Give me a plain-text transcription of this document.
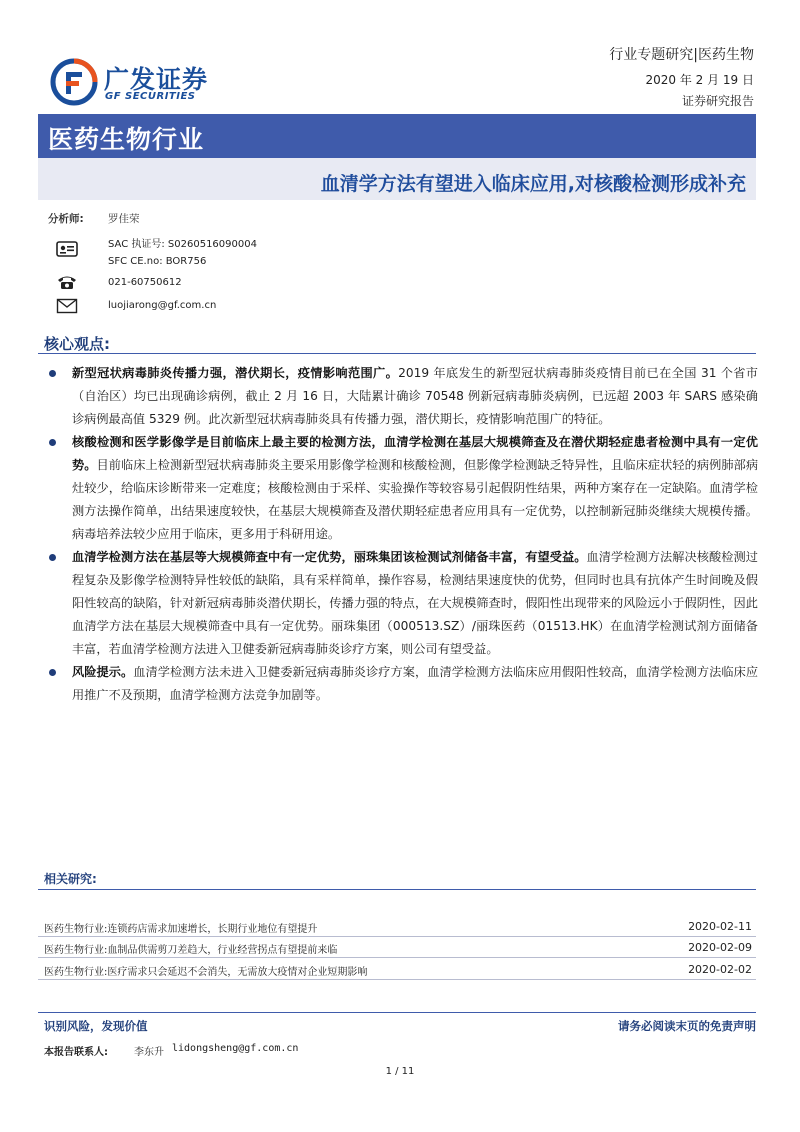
广发证券
GF SECURITIES
行业专题研究|医药生物
2020 年 2 月 19 日
证券研究报告
医药生物行业
血清学方法有望进入临床应用,对核酸检测形成补充
分析师: 罗佳荣
SAC 执证号: S0260516090004
SFC CE.no: BOR756
021-60750612
luojiarong@gf.com.cn
核心观点:
新型冠状病毒肺炎传播力强，潜伏期长，疫情影响范围广。2019 年底发生的新型冠状病毒肺炎疫情目前已在全国 31 个省市（自治区）均已出现确诊病例，截止 2 月 16 日，大陆累计确诊 70548 例新冠病毒肺炎病例，已远超 2003 年 SARS 感染确诊病例最高值 5329 例。此次新型冠状病毒肺炎具有传播力强，潜伏期长，疫情影响范围广的特征。
核酸检测和医学影像学是目前临床上最主要的检测方法，血清学检测在基层大规模筛查及在潜伏期轻症患者检测中具有一定优势。目前临床上检测新型冠状病毒肺炎主要采用影像学检测和核酸检测，但影像学检测缺乏特异性，且临床症状轻的病例肺部病灶较少，给临床诊断带来一定难度；核酸检测由于采样、实验操作等较容易引起假阴性结果，两种方案存在一定缺陷。血清学检测方法操作简单，出结果速度较快，在基层大规模筛查及潜伏期轻症患者应用具有一定优势，以控制新冠肺炎继续大规模传播。病毒培养法较少应用于临床，更多用于科研用途。
血清学检测方法在基层等大规模筛查中有一定优势，丽珠集团该检测试剂储备丰富，有望受益。血清学检测方法解决核酸检测过程复杂及影像学检测特异性较低的缺陷，具有采样简单，操作容易，检测结果速度快的优势，但同时也具有抗体产生时间晚及假阳性较高的缺陷，针对新冠病毒肺炎潜伏期长，传播力强的特点，在大规模筛查时，假阳性出现带来的风险远小于假阴性，因此血清学方法在基层大规模筛查中具有一定优势。丽珠集团（000513.SZ）/丽珠医药（01513.HK）在血清学检测试剂方面储备丰富，若血清学检测方法进入卫健委新冠病毒肺炎诊疗方案，则公司有望受益。
风险提示。血清学检测方法未进入卫健委新冠病毒肺炎诊疗方案，血清学检测方法临床应用假阳性较高，血清学检测方法临床应用推广不及预期，血清学检测方法竞争加剧等。
相关研究:
医药生物行业:连锁药店需求加速增长，长期行业地位有望提升	2020-02-11
医药生物行业:血制品供需剪刀差趋大，行业经营拐点有望提前来临	2020-02-09
医药生物行业:医疗需求只会延迟不会消失，无需放大疫情对企业短期影响	2020-02-02
识别风险，发现价值	请务必阅读末页的免责声明
本报告联系人:	李东升 lidongsheng@gf.com.cn
1 / 11
